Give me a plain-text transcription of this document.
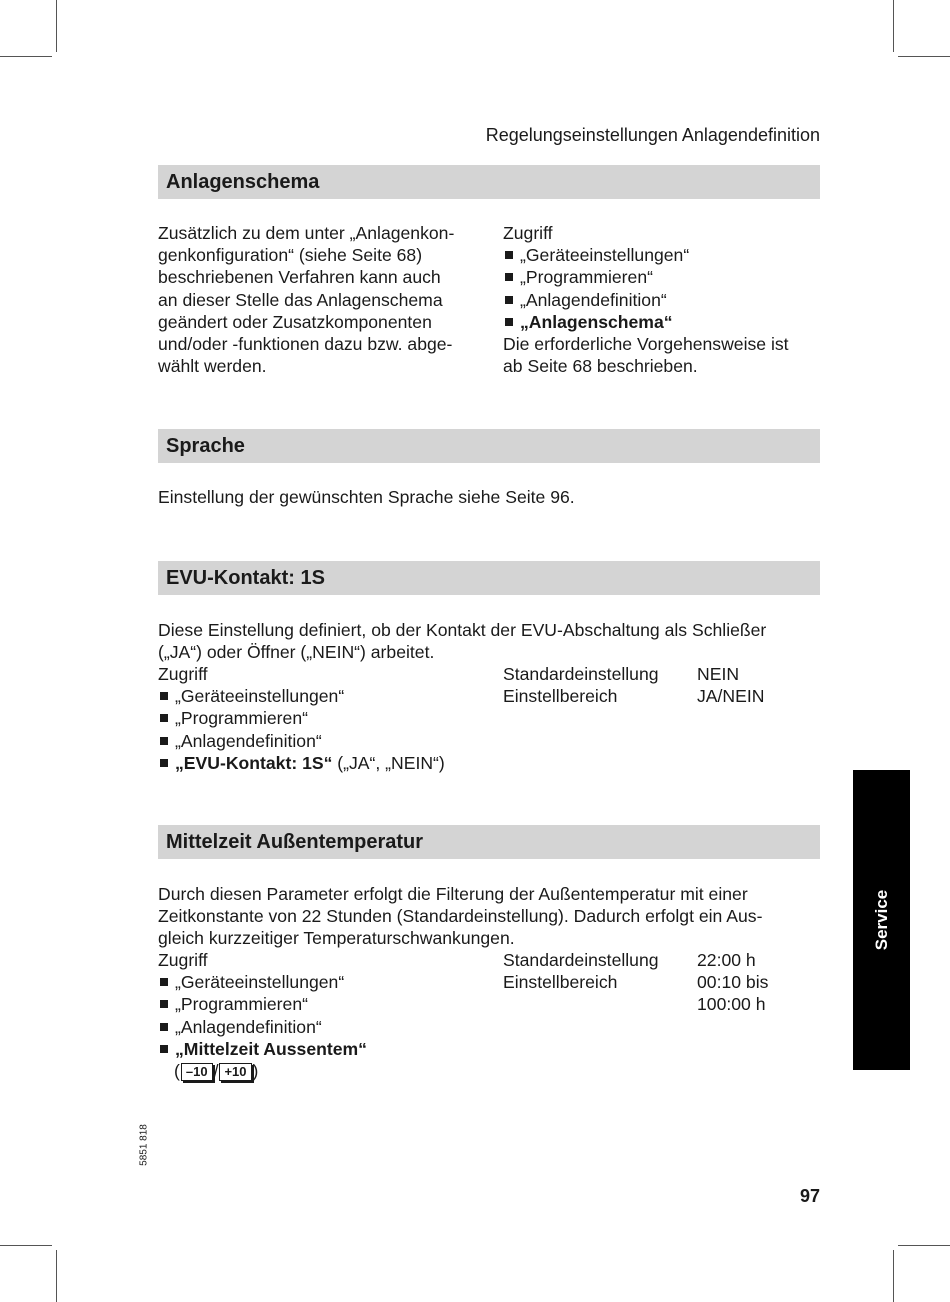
Regelungseinstellungen Anlagendefinition
Anlagenschema
Zusätzlich zu dem unter „Anlagenkon-
genkonfiguration“ (siehe Seite 68)
beschriebenen Verfahren kann auch
an dieser Stelle das Anlagenschema
geändert oder Zusatzkomponenten
und/oder -funktionen dazu bzw. abge-
wählt werden.
Zugriff
„Geräteeinstellungen“
„Programmieren“
„Anlagendefinition“
„Anlagenschema“
Die erforderliche Vorgehensweise ist
ab Seite 68 beschrieben.
Sprache
Einstellung der gewünschten Sprache siehe Seite 96.
EVU-Kontakt: 1S
Diese Einstellung definiert, ob der Kontakt der EVU-Abschaltung als Schließer
(„JA“) oder Öffner („NEIN“) arbeitet.
Zugriff
„Geräteeinstellungen“
„Programmieren“
„Anlagendefinition“
„EVU-Kontakt: 1S“ („JA“, „NEIN“)
Standardeinstellung
Einstellbereich
NEIN
JA/NEIN
Mittelzeit Außentemperatur
Durch diesen Parameter erfolgt die Filterung der Außentemperatur mit einer
Zeitkonstante von 22 Stunden (Standardeinstellung). Dadurch erfolgt ein Aus-
gleich kurzzeitiger Temperaturschwankungen.
Zugriff
„Geräteeinstellungen“
„Programmieren“
„Anlagendefinition“
„Mittelzeit Aussentem“
( –10 / +10 )
Standardeinstellung
Einstellbereich
22:00 h
00:10 bis
100:00 h
Service
5851 818
97
